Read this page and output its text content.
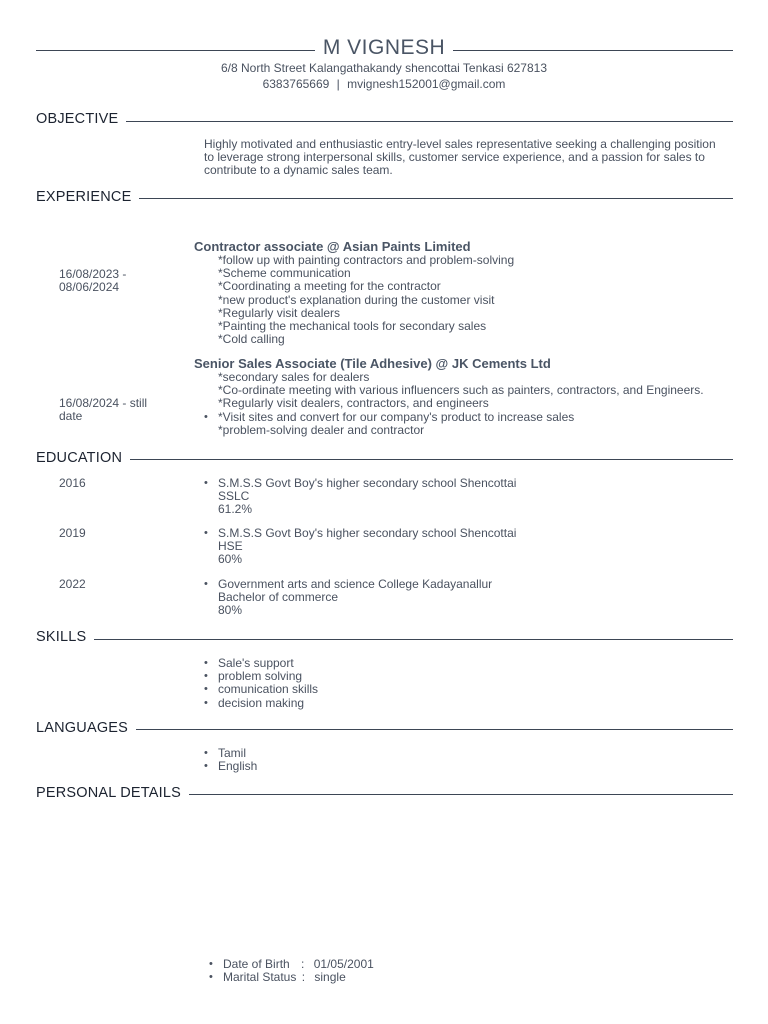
M VIGNESH
6/8 North Street Kalangathakandy shencottai Tenkasi 627813
6383765669 | mvignesh152001@gmail.com
OBJECTIVE
Highly motivated and enthusiastic entry-level sales representative seeking a challenging position to leverage strong interpersonal skills, customer service experience, and a passion for sales to contribute to a dynamic sales team.
EXPERIENCE
Contractor associate @ Asian Paints Limited
16/08/2023 -
08/06/2024
*follow up with painting contractors and problem-solving
*Scheme communication
*Coordinating a meeting for the contractor
*new product's explanation during the customer visit
*Regularly visit dealers
*Painting the mechanical tools for secondary sales
*Cold calling
Senior Sales Associate (Tile Adhesive) @ JK Cements Ltd
16/08/2024 - still
date
*secondary sales for dealers
*Co-ordinate meeting with various influencers such as painters, contractors, and Engineers.
*Regularly visit dealers, contractors, and engineers
• *Visit sites and convert for our company's product to increase sales
*problem-solving dealer and contractor
EDUCATION
2016	• S.M.S.S Govt Boy's higher secondary school Shencottai
SSLC
61.2%
2019	• S.M.S.S Govt Boy's higher secondary school Shencottai
HSE
60%
2022	• Government arts and science College Kadayanallur
Bachelor of commerce
80%
SKILLS
• Sale's support
• problem solving
• comunication skills
• decision making
LANGUAGES
• Tamil
• English
PERSONAL DETAILS
• Date of Birth : 01/05/2001
• Marital Status : single
